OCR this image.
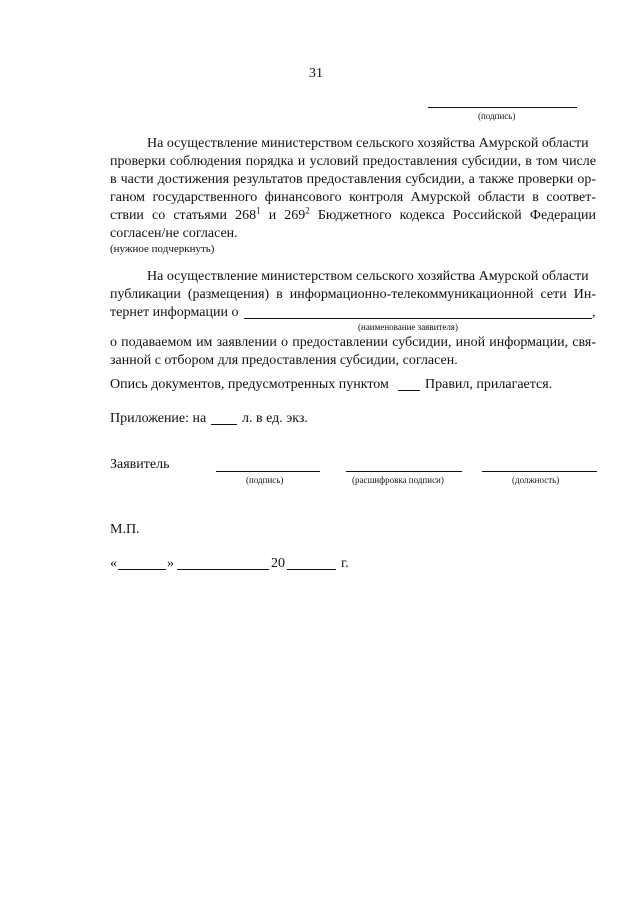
31
(подпись)
На осуществление министерством сельского хозяйства Амурской области
проверки соблюдения порядка и условий предоставления субсидии, в том числе
в части достижения результатов предоставления субсидии, а также проверки ор-
ганом государственного финансового контроля Амурской области в соответ-
ствии со статьями $268^1$ и $269^2$ Бюджетного кодекса Российской Федерации
согласен/не согласен.
(нужное подчеркнуть)
На осуществление министерством сельского хозяйства Амурской области
публикации (размещения) в информационно-телекоммуникационной сети Ин-
тернет информации о	,
(наименование заявителя)
о подаваемом им заявлении о предоставлении субсидии, иной информации, свя-
занной с отбором для предоставления субсидии, согласен.
Опись документов, предусмотренных пунктом	Правил, прилагается.
Приложение: на	л. в ед. экз.
Заявитель
(подпись)	(расшифровка подписи)	(должность)
М.П.
«	»	20	г.
